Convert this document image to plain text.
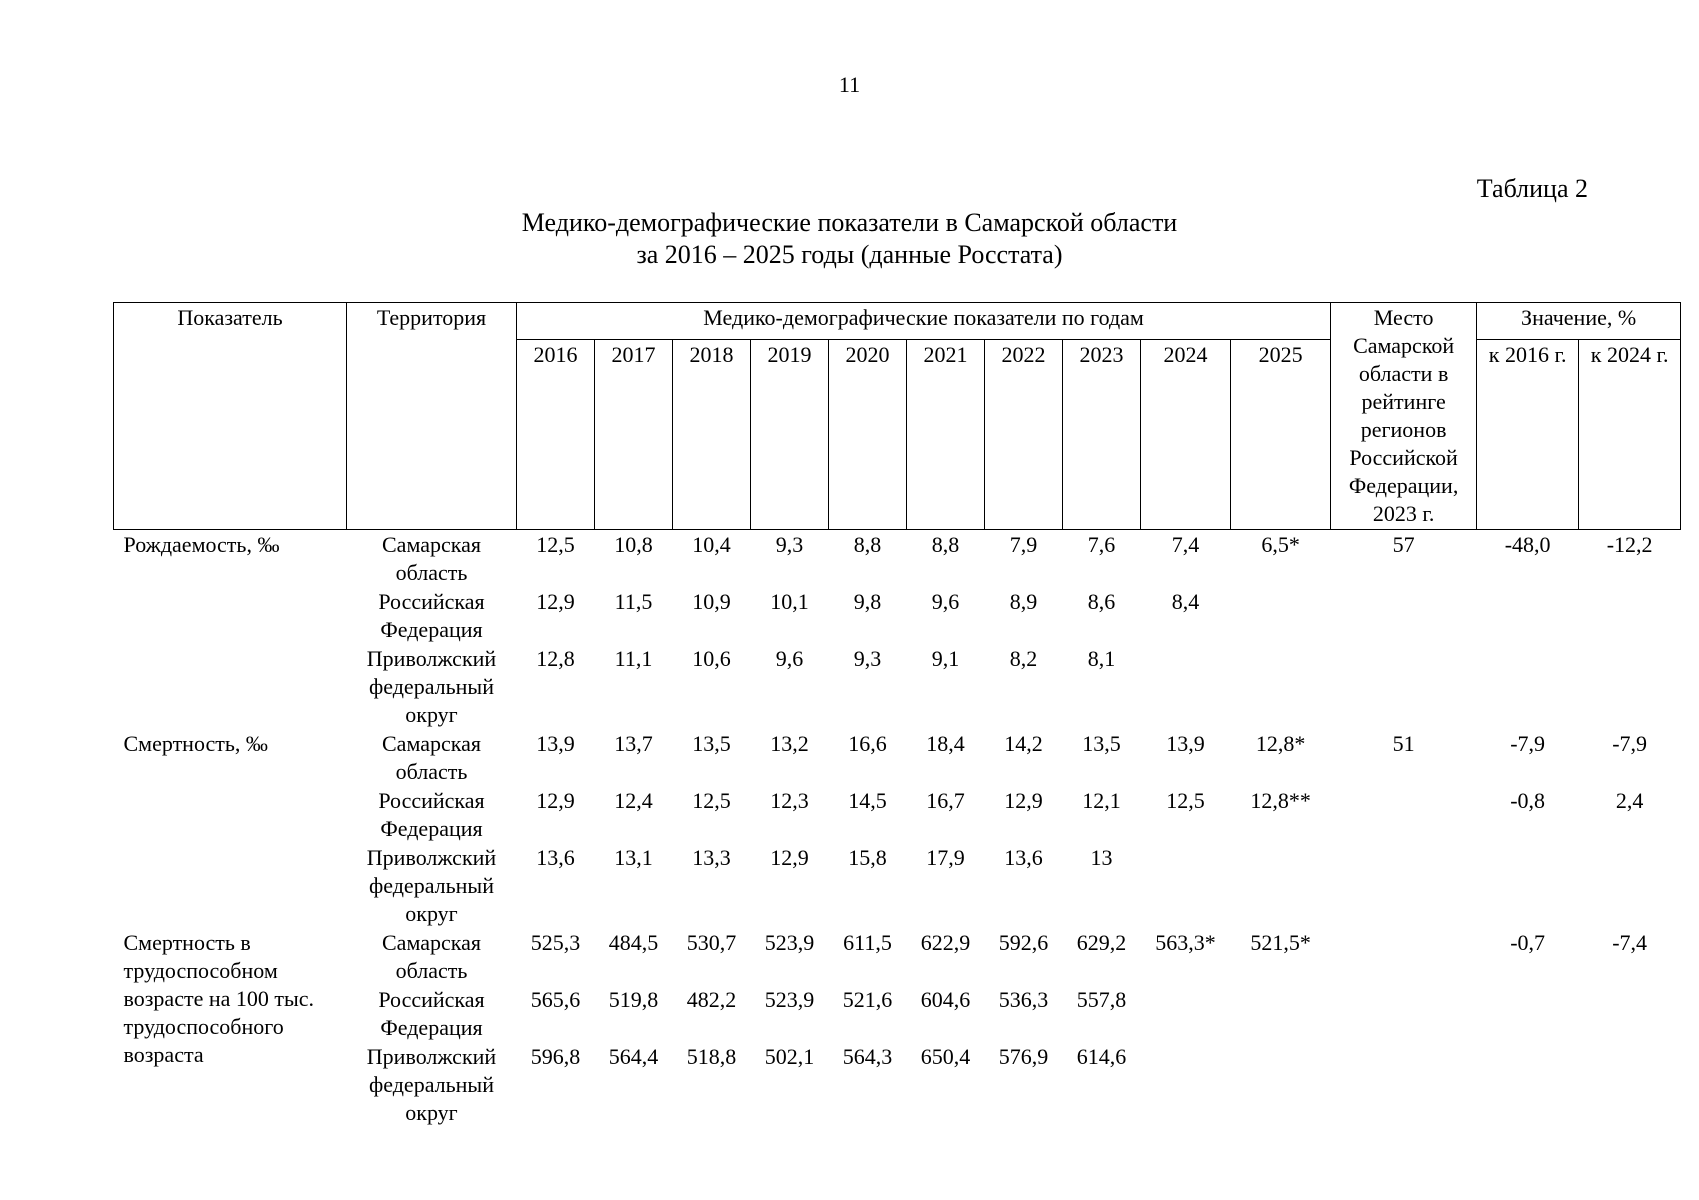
11
Таблица 2
Медико-демографические показатели в Самарской области
за 2016 – 2025 годы (данные Росстата)
Показатель	Территория	Медико-демографические показатели по годам										Место Самарской области в рейтинге регионов Российской Федерации, 2023 г.	Значение, %	
		2016	2017	2018	2019	2020	2021	2022	2023	2024	2025		к 2016 г.	к 2024 г.
Рождаемость, ‰	Самарская область	12,5	10,8	10,4	9,3	8,8	8,8	7,9	7,6	7,4	6,5*	57	-48,0	-12,2
	Российская Федерация	12,9	11,5	10,9	10,1	9,8	9,6	8,9	8,6	8,4				
	Приволжский федеральный округ	12,8	11,1	10,6	9,6	9,3	9,1	8,2	8,1					
Смертность, ‰	Самарская область	13,9	13,7	13,5	13,2	16,6	18,4	14,2	13,5	13,9	12,8*	51	-7,9	-7,9
	Российская Федерация	12,9	12,4	12,5	12,3	14,5	16,7	12,9	12,1	12,5	12,8**		-0,8	2,4
	Приволжский федеральный округ	13,6	13,1	13,3	12,9	15,8	17,9	13,6	13					
Смертность в трудоспособном возрасте на 100 тыс. трудоспособного возраста	Самарская область	525,3	484,5	530,7	523,9	611,5	622,9	592,6	629,2	563,3*	521,5*		-0,7	-7,4
	Российская Федерация	565,6	519,8	482,2	523,9	521,6	604,6	536,3	557,8					
	Приволжский федеральный округ	596,8	564,4	518,8	502,1	564,3	650,4	576,9	614,6					
